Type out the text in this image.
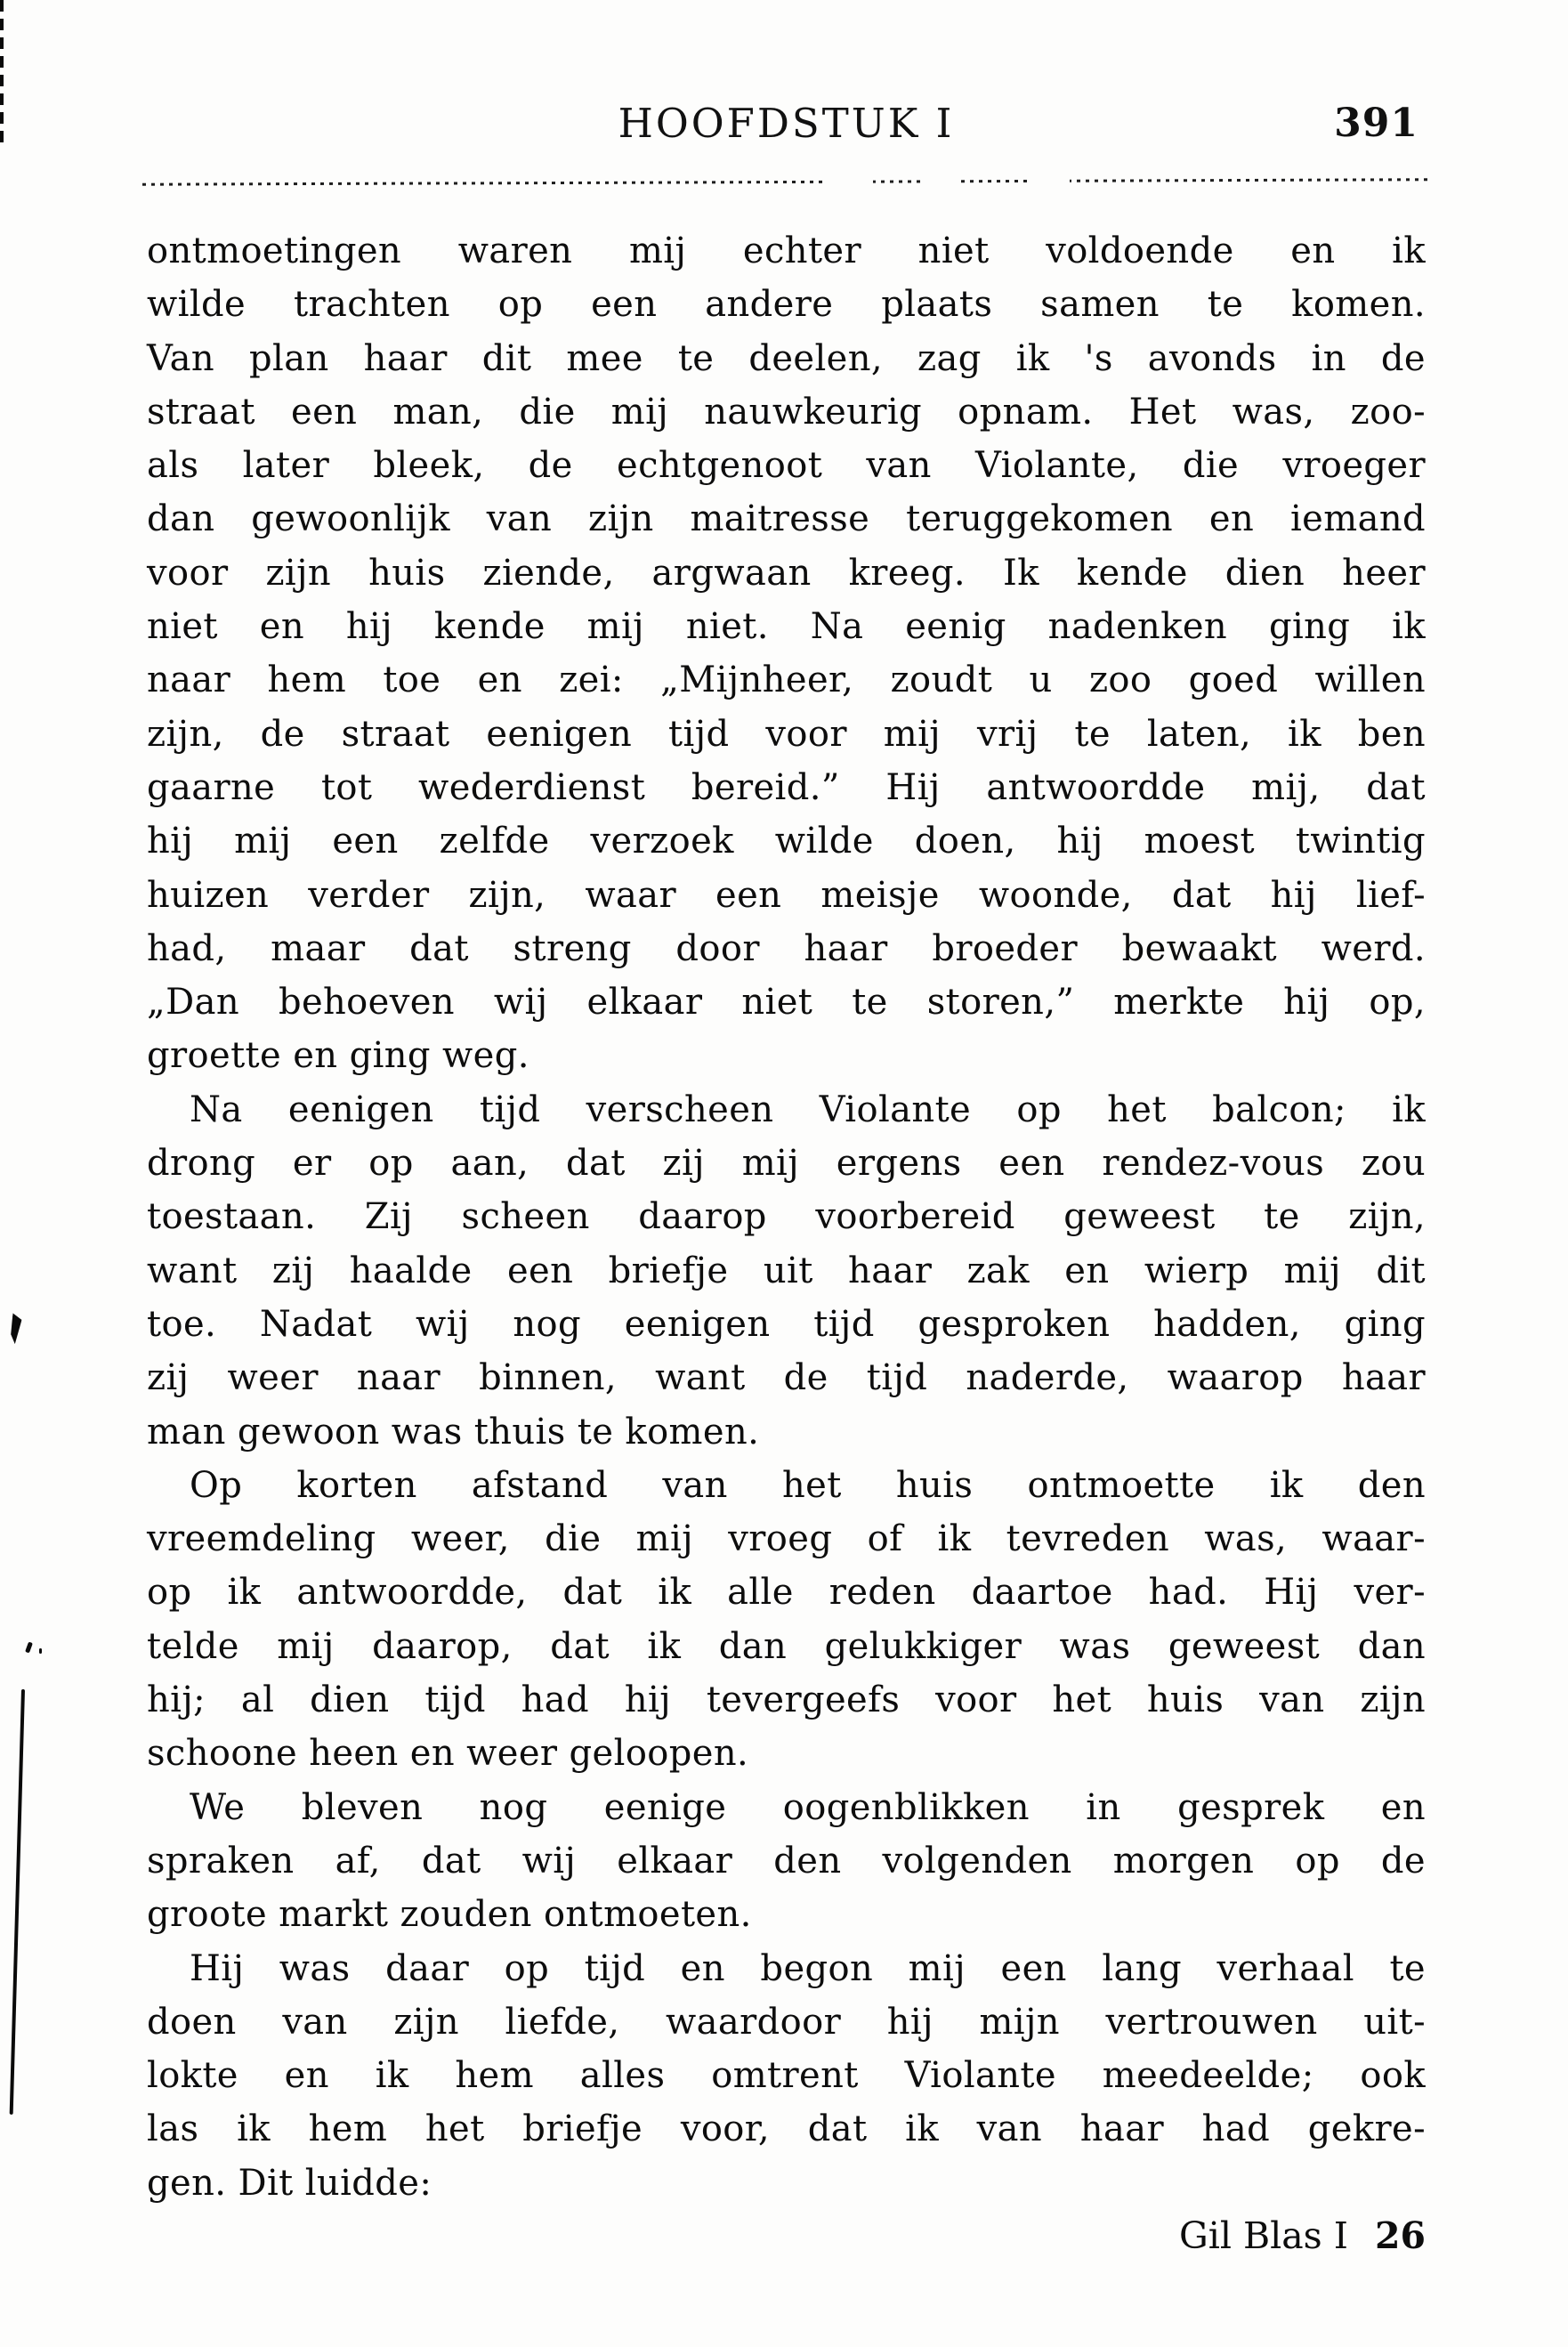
HOOFDSTUK I	391
ontmoetingen waren mij echter niet voldoende en ik
wilde trachten op een andere plaats samen te komen.
Van plan haar dit mee te deelen, zag ik 's avonds in de
straat een man, die mij nauwkeurig opnam. Het was, zoo-
als later bleek, de echtgenoot van Violante, die vroeger
dan gewoonlijk van zijn maitresse teruggekomen en iemand
voor zijn huis ziende, argwaan kreeg. Ik kende dien heer
niet en hij kende mij niet. Na eenig nadenken ging ik
naar hem toe en zei: „Mijnheer, zoudt u zoo goed willen
zijn, de straat eenigen tijd voor mij vrij te laten, ik ben
gaarne tot wederdienst bereid.” Hij antwoordde mij, dat
hij mij een zelfde verzoek wilde doen, hij moest twintig
huizen verder zijn, waar een meisje woonde, dat hij lief-
had, maar dat streng door haar broeder bewaakt werd.
„Dan behoeven wij elkaar niet te storen,” merkte hij op,
groette en ging weg.
Na eenigen tijd verscheen Violante op het balcon; ik
drong er op aan, dat zij mij ergens een rendez-vous zou
toestaan. Zij scheen daarop voorbereid geweest te zijn,
want zij haalde een briefje uit haar zak en wierp mij dit
toe. Nadat wij nog eenigen tijd gesproken hadden, ging
zij weer naar binnen, want de tijd naderde, waarop haar
man gewoon was thuis te komen.
Op korten afstand van het huis ontmoette ik den
vreemdeling weer, die mij vroeg of ik tevreden was, waar-
op ik antwoordde, dat ik alle reden daartoe had. Hij ver-
telde mij daarop, dat ik dan gelukkiger was geweest dan
hij; al dien tijd had hij tevergeefs voor het huis van zijn
schoone heen en weer geloopen.
We bleven nog eenige oogenblikken in gesprek en
spraken af, dat wij elkaar den volgenden morgen op de
groote markt zouden ontmoeten.
Hij was daar op tijd en begon mij een lang verhaal te
doen van zijn liefde, waardoor hij mijn vertrouwen uit-
lokte en ik hem alles omtrent Violante meedeelde; ook
las ik hem het briefje voor, dat ik van haar had gekre-
gen. Dit luidde:
Gil Blas I 26
